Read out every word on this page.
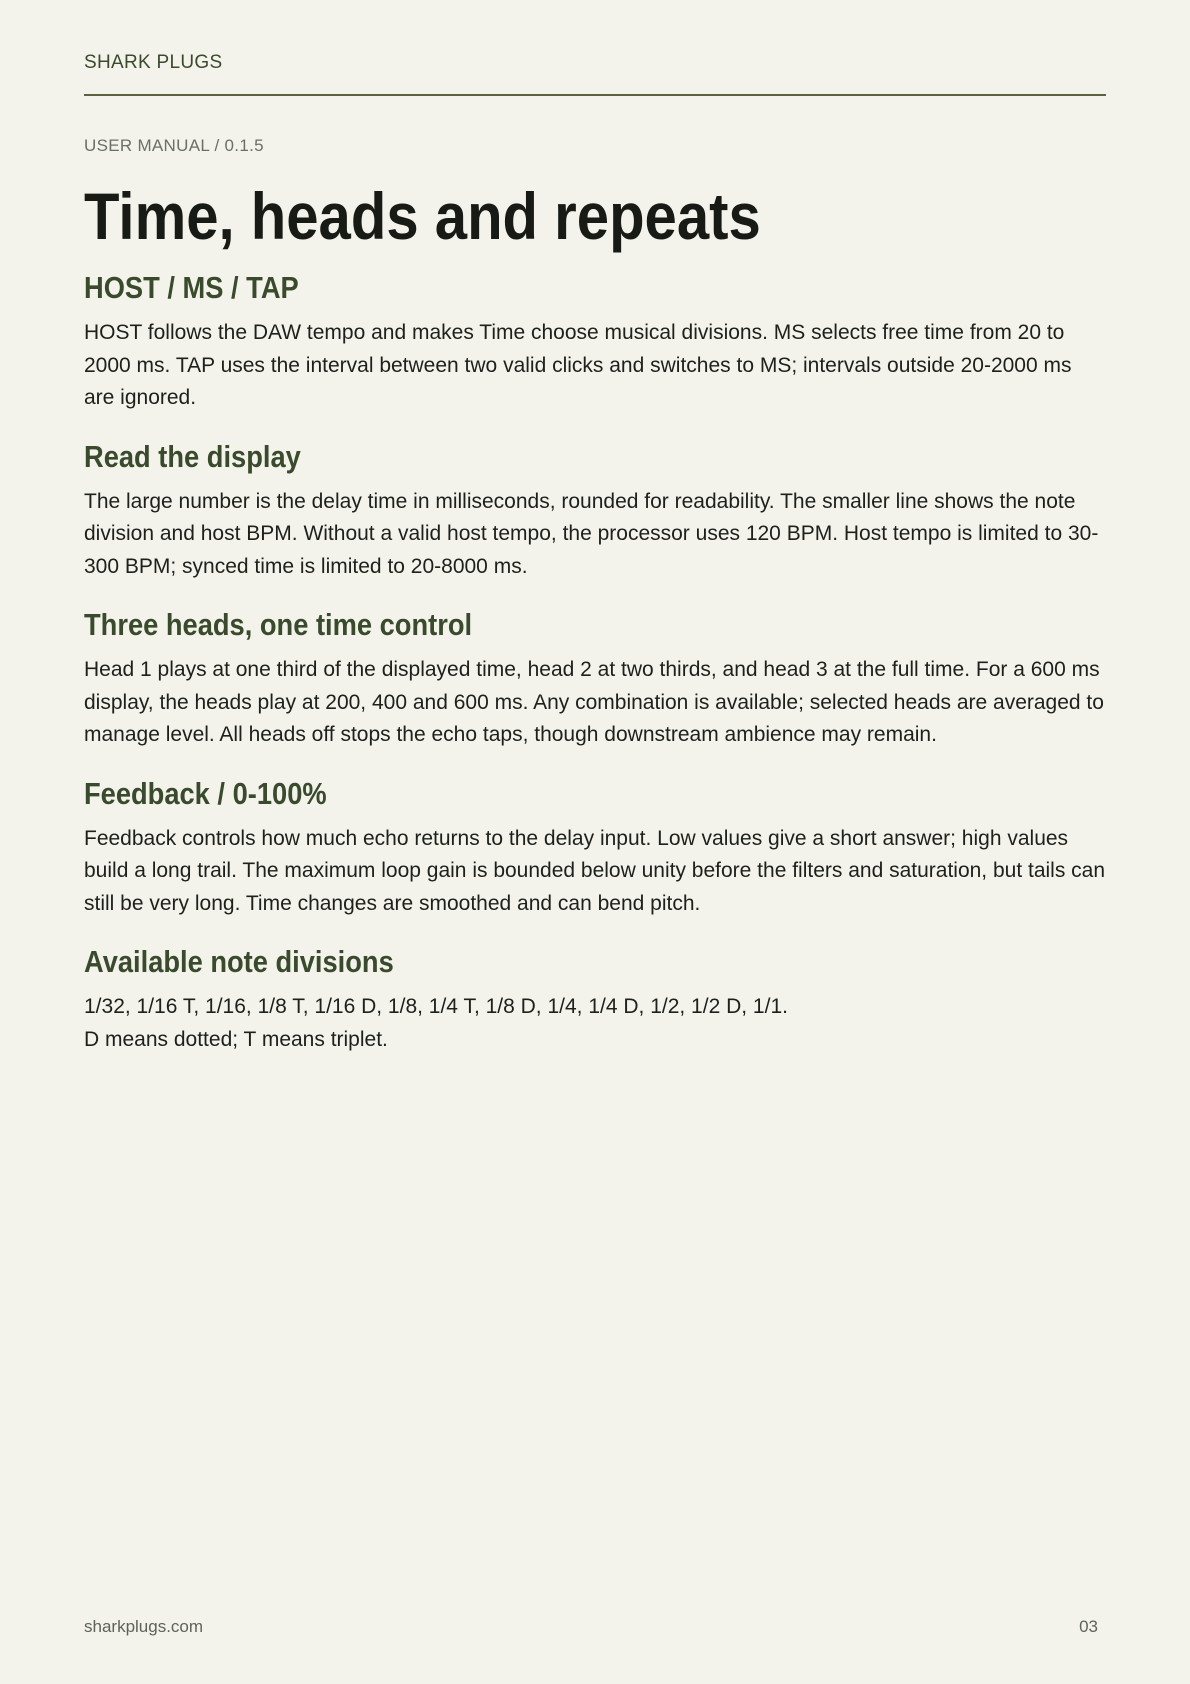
SHARK PLUGS
USER MANUAL / 0.1.5
Time, heads and repeats
HOST / MS / TAP

HOST follows the DAW tempo and makes Time choose musical divisions. MS selects free time from 20 to 2000 ms. TAP uses the interval between two valid clicks and switches to MS; intervals outside 20-2000 ms are ignored.

Read the display

The large number is the delay time in milliseconds, rounded for readability. The smaller line shows the note division and host BPM. Without a valid host tempo, the processor uses 120 BPM. Host tempo is limited to 30-300 BPM; synced time is limited to 20-8000 ms.

Three heads, one time control

Head 1 plays at one third of the displayed time, head 2 at two thirds, and head 3 at the full time. For a 600 ms display, the heads play at 200, 400 and 600 ms. Any combination is available; selected heads are averaged to manage level. All heads off stops the echo taps, though downstream ambience may remain.

Feedback / 0-100%

Feedback controls how much echo returns to the delay input. Low values give a short answer; high values build a long trail. The maximum loop gain is bounded below unity before the filters and saturation, but tails can still be very long. Time changes are smoothed and can bend pitch.

Available note divisions

1/32, 1/16 T, 1/16, 1/8 T, 1/16 D, 1/8, 1/4 T, 1/8 D, 1/4, 1/4 D, 1/2, 1/2 D, 1/1.
D means dotted; T means triplet.

sharkplugs.com	03
